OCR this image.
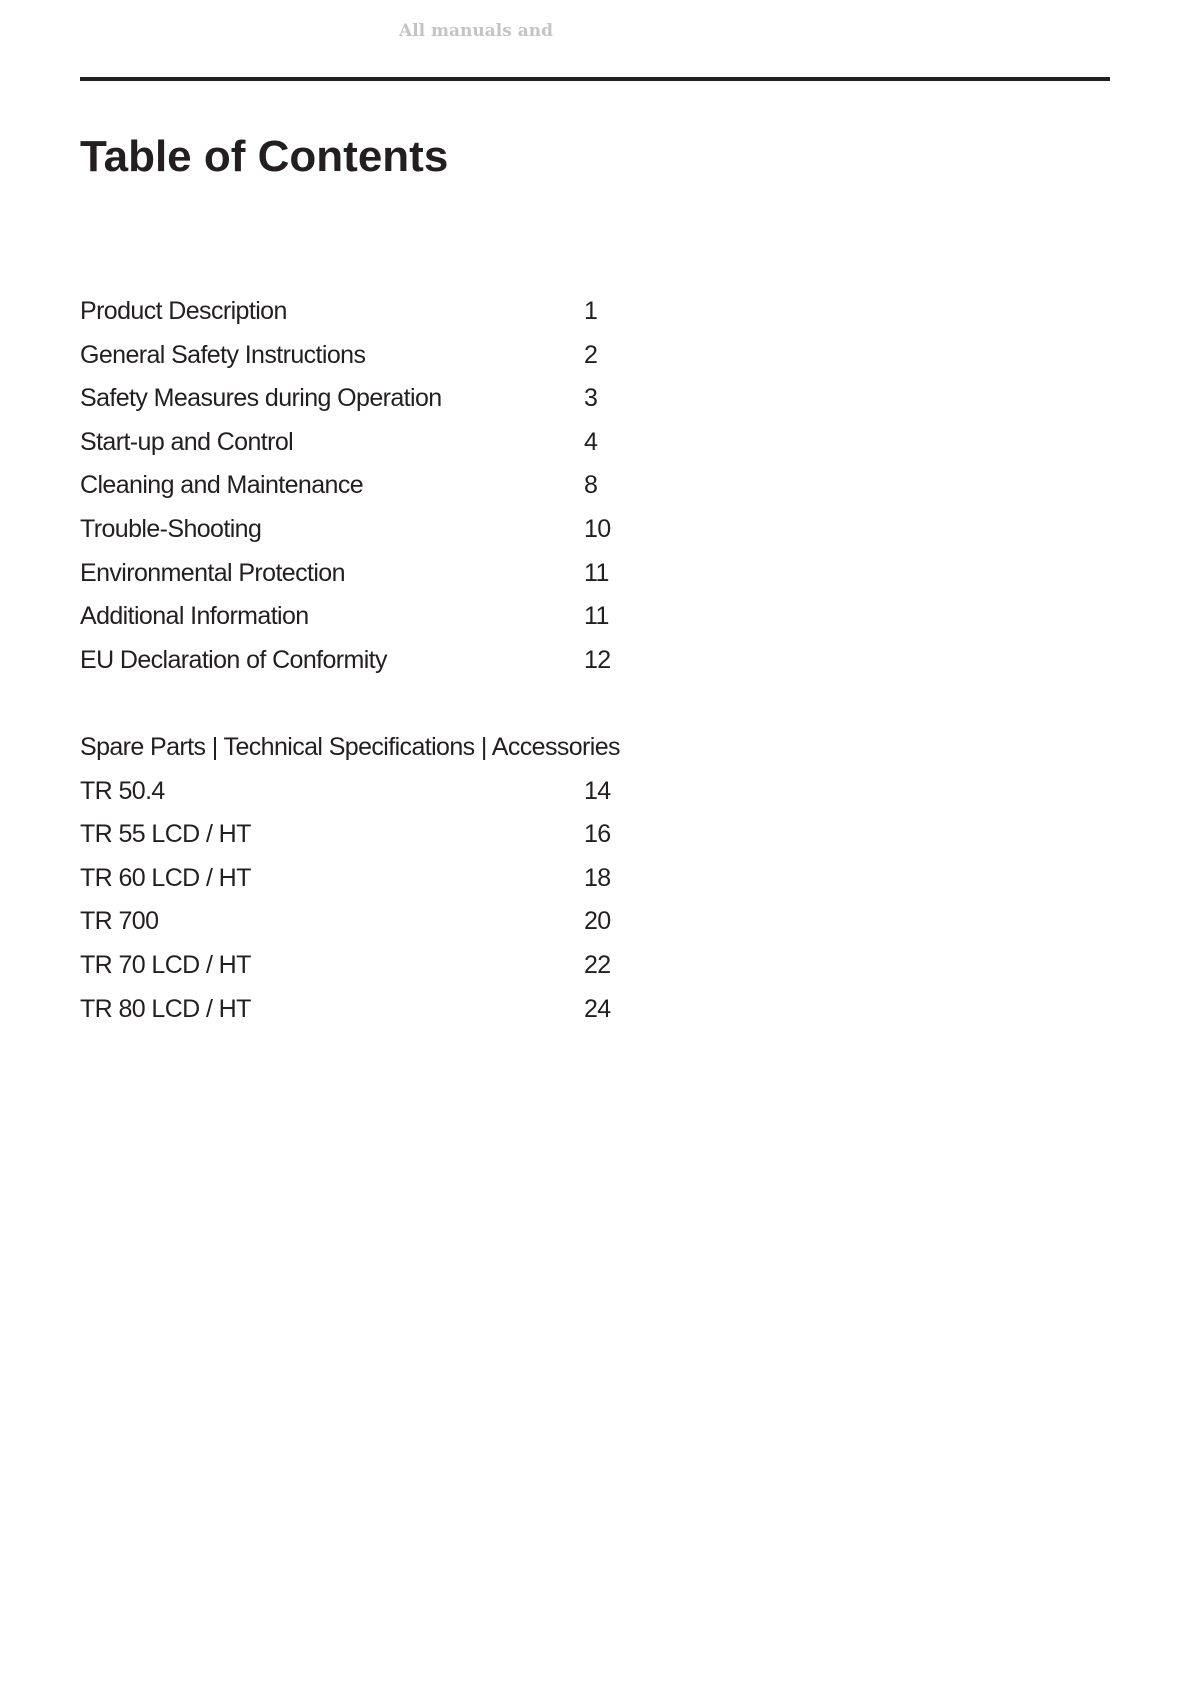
All manuals and
Table of Contents
Product Description	1
General Safety Instructions	2
Safety Measures during Operation	3
Start-up and Control	4
Cleaning and Maintenance	8
Trouble-Shooting	10
Environmental Protection	11
Additional Information	11
EU Declaration of Conformity	12
Spare Parts | Technical Specifications | Accessories
TR 50.4	14
TR 55 LCD / HT	16
TR 60 LCD / HT	18
TR 700	20
TR 70 LCD / HT	22
TR 80 LCD / HT	24
